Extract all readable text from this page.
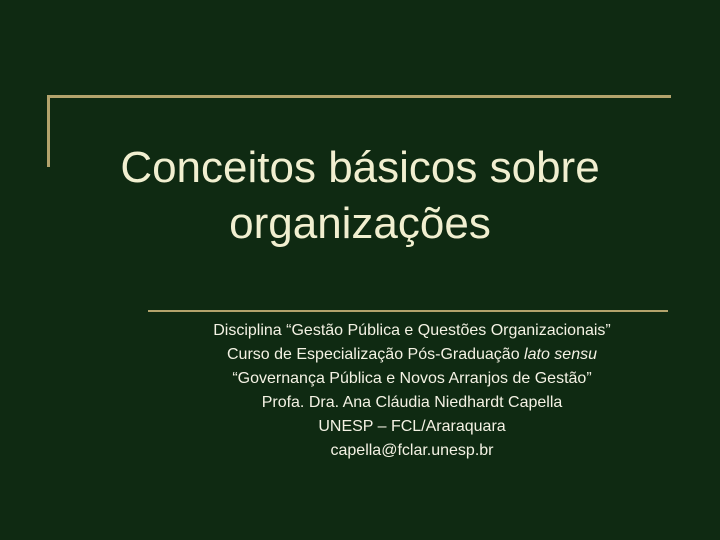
Conceitos básicos sobre
organizações
Disciplina “Gestão Pública e Questões Organizacionais”
Curso de Especialização Pós-Graduação lato sensu
“Governança Pública e Novos Arranjos de Gestão”
Profa. Dra. Ana Cláudia Niedhardt Capella
UNESP – FCL/Araraquara
capella@fclar.unesp.br
